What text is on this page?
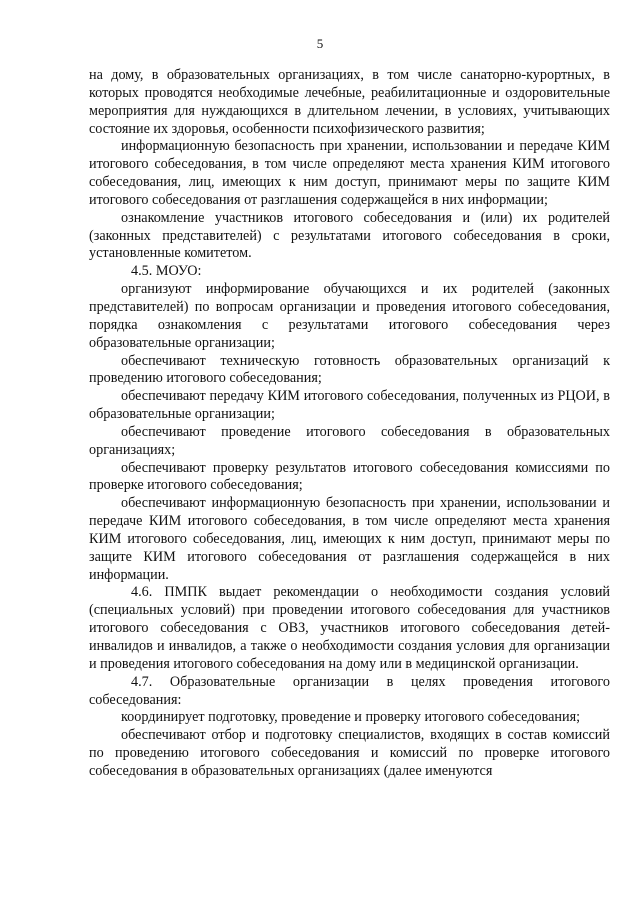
5

на дому, в образовательных организациях, в том числе санаторно-курортных, в которых проводятся необходимые лечебные, реабилитационные и оздоровительные мероприятия для нуждающихся в длительном лечении, в условиях, учитывающих состояние их здоровья, особенности психофизического развития;

информационную безопасность при хранении, использовании и передаче КИМ итогового собеседования, в том числе определяют места хранения КИМ итогового собеседования, лиц, имеющих к ним доступ, принимают меры по защите КИМ итогового собеседования от разглашения содержащейся в них информации;

ознакомление участников итогового собеседования и (или) их родителей (законных представителей) с результатами итогового собеседования в сроки, установленные комитетом.

4.5. МОУО:

организуют информирование обучающихся и их родителей (законных представителей) по вопросам организации и проведения итогового собеседования, порядка ознакомления с результатами итогового собеседования через образовательные организации;

обеспечивают техническую готовность образовательных организаций к проведению итогового собеседования;

обеспечивают передачу КИМ итогового собеседования, полученных из РЦОИ, в образовательные организации;

обеспечивают проведение итогового собеседования в образовательных организациях;

обеспечивают проверку результатов итогового собеседования комиссиями по проверке итогового собеседования;

обеспечивают информационную безопасность при хранении, использовании и передаче КИМ итогового собеседования, в том числе определяют места хранения КИМ итогового собеседования, лиц, имеющих к ним доступ, принимают меры по защите КИМ итогового собеседования от разглашения содержащейся в них информации.

4.6. ПМПК выдает рекомендации о необходимости создания условий (специальных условий) при проведении итогового собеседования для участников итогового собеседования с ОВЗ, участников итогового собеседования детей-инвалидов и инвалидов, а также о необходимости создания условия для организации и проведения итогового собеседования на дому или в медицинской организации.

4.7. Образовательные организации в целях проведения итогового собеседования:

координирует подготовку, проведение и проверку итогового собеседования;

обеспечивают отбор и подготовку специалистов, входящих в состав комиссий по проведению итогового собеседования и комиссий по проверке итогового собеседования в образовательных организациях (далее именуются
